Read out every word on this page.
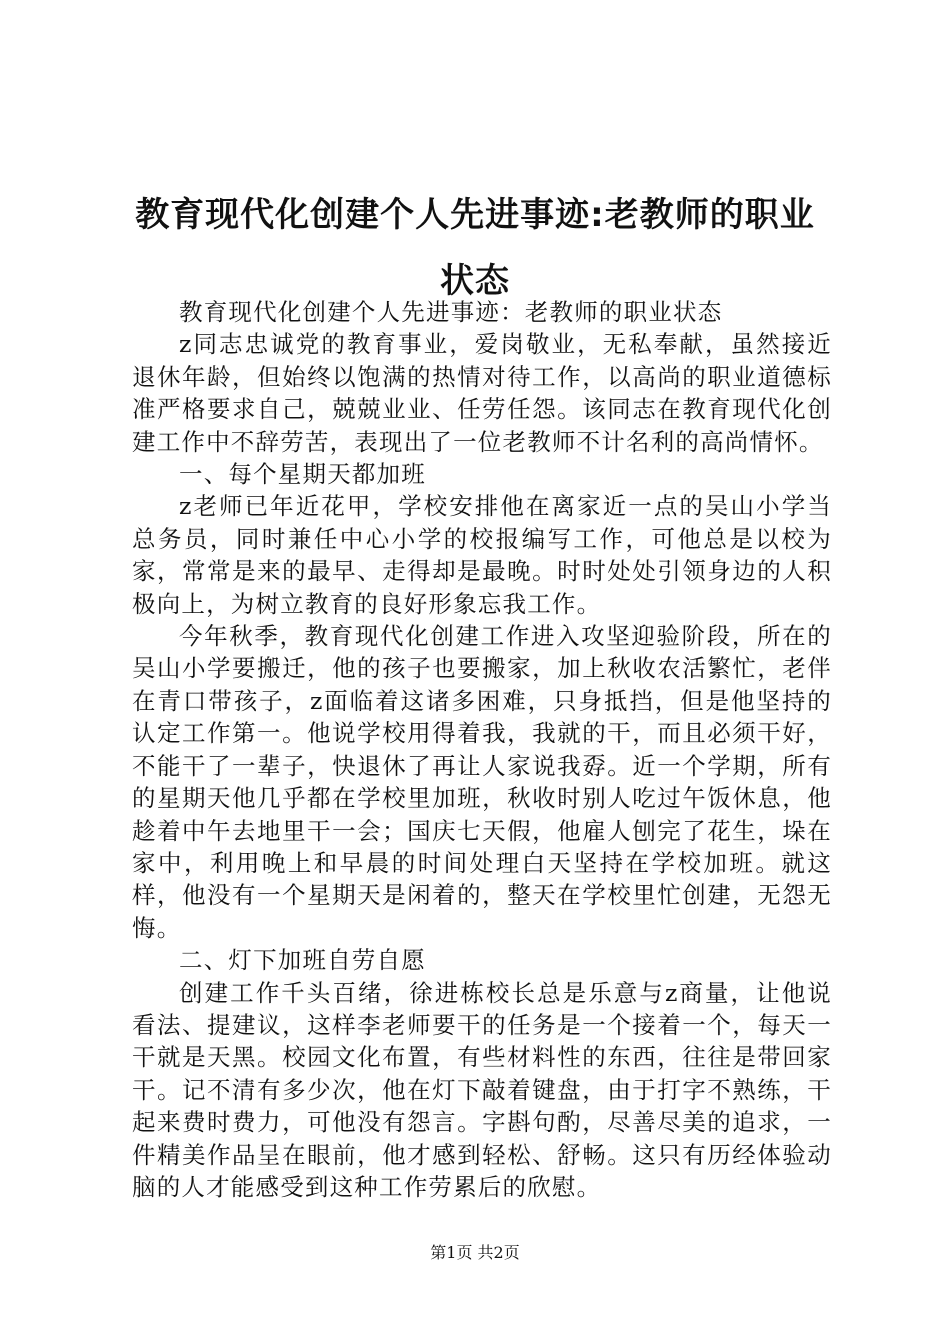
教育现代化创建个人先进事迹:老教师的职业状态

教育现代化创建个人先进事迹：老教师的职业状态

z同志忠诚党的教育事业，爱岗敬业，无私奉献，虽然接近退休年龄，但始终以饱满的热情对待工作，以高尚的职业道德标准严格要求自己，兢兢业业、任劳任怨。该同志在教育现代化创建工作中不辞劳苦，表现出了一位老教师不计名利的高尚情怀。

一、每个星期天都加班

z老师已年近花甲，学校安排他在离家近一点的吴山小学当总务员，同时兼任中心小学的校报编写工作，可他总是以校为家，常常是来的最早、走得却是最晚。时时处处引领身边的人积极向上，为树立教育的良好形象忘我工作。

今年秋季，教育现代化创建工作进入攻坚迎验阶段，所在的吴山小学要搬迁，他的孩子也要搬家，加上秋收农活繁忙，老伴在青口带孩子，z面临着这诸多困难，只身抵挡，但是他坚持的认定工作第一。他说学校用得着我，我就的干，而且必须干好，不能干了一辈子，快退休了再让人家说我孬。近一个学期，所有的星期天他几乎都在学校里加班，秋收时别人吃过午饭休息，他趁着中午去地里干一会；国庆七天假，他雇人刨完了花生，垛在家中，利用晚上和早晨的时间处理白天坚持在学校加班。就这样，他没有一个星期天是闲着的，整天在学校里忙创建，无怨无悔。

二、灯下加班自劳自愿

创建工作千头百绪，徐进栋校长总是乐意与z商量，让他说看法、提建议，这样李老师要干的任务是一个接着一个，每天一干就是天黑。校园文化布置，有些材料性的东西，往往是带回家干。记不清有多少次，他在灯下敲着键盘，由于打字不熟练，干起来费时费力，可他没有怨言。字斟句酌，尽善尽美的追求，一件精美作品呈在眼前，他才感到轻松、舒畅。这只有历经体验动脑的人才能感受到这种工作劳累后的欣慰。

第1页 共2页
